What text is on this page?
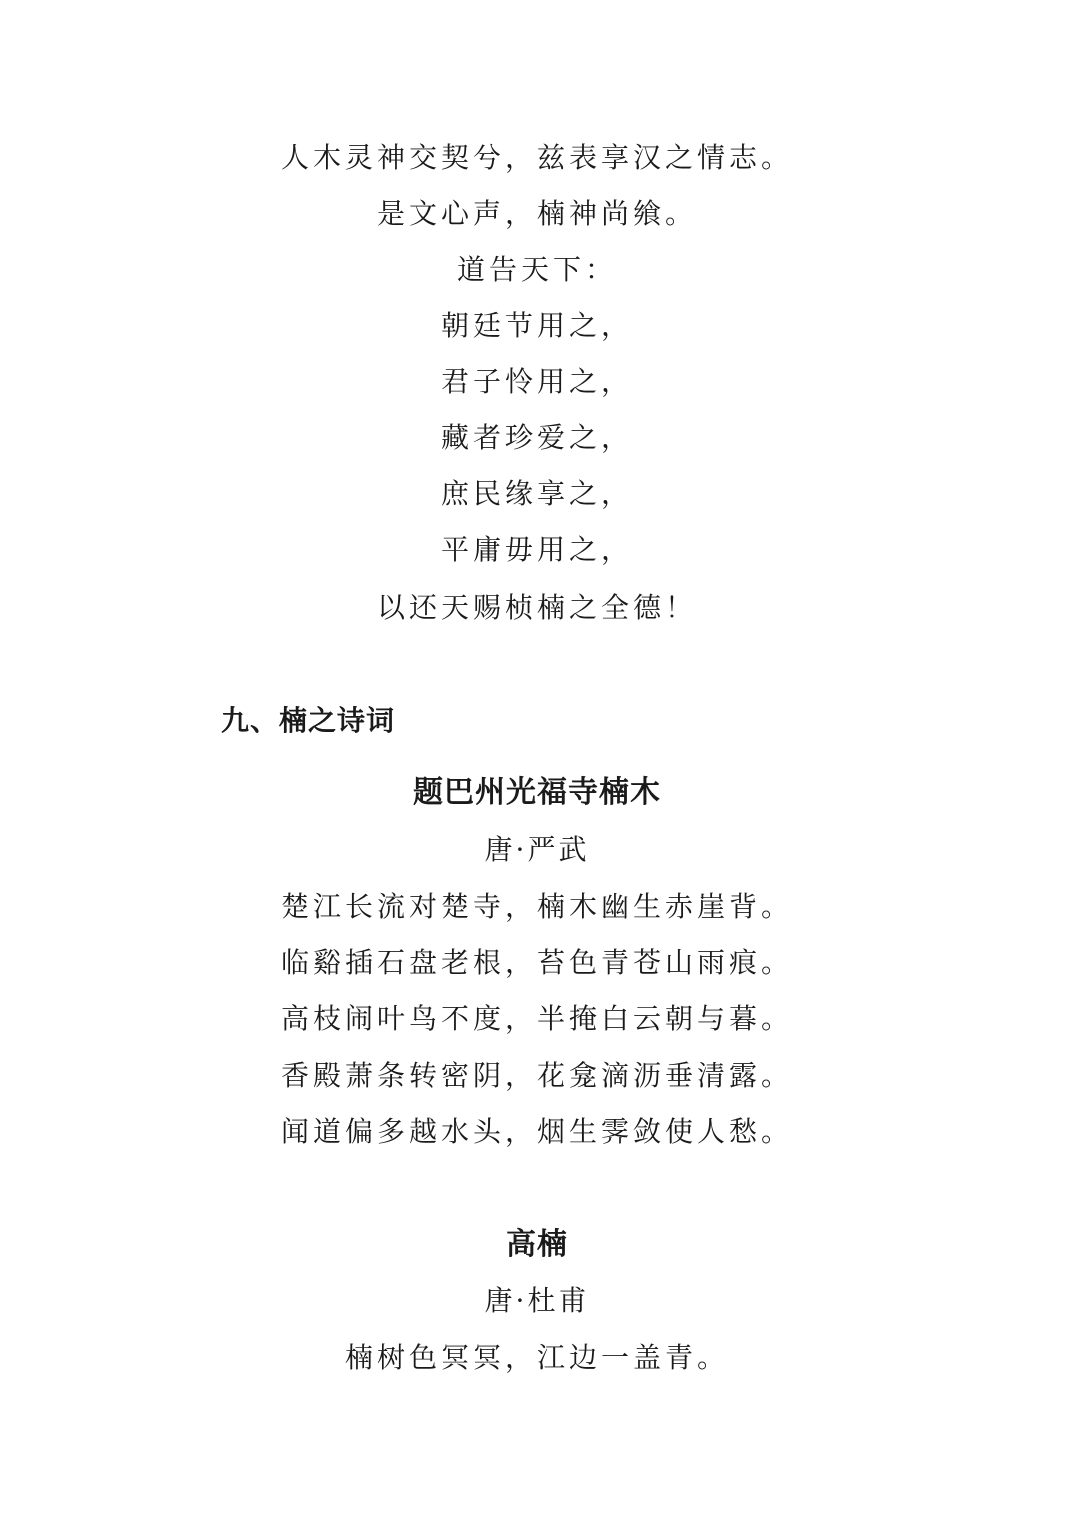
人木灵神交契兮，兹表享汉之情志。
是文心声，楠神尚飨。
道告天下：
朝廷节用之，
君子怜用之，
藏者珍爱之，
庶民缘享之，
平庸毋用之，
以还天赐桢楠之全德！
九、楠之诗词
题巴州光福寺楠木
唐·严武
楚江长流对楚寺，楠木幽生赤崖背。
临谿插石盘老根，苔色青苍山雨痕。
高枝闹叶鸟不度，半掩白云朝与暮。
香殿萧条转密阴，花龛滴沥垂清露。
闻道偏多越水头，烟生霁敛使人愁。
高楠
唐·杜甫
楠树色冥冥，江边一盖青。
